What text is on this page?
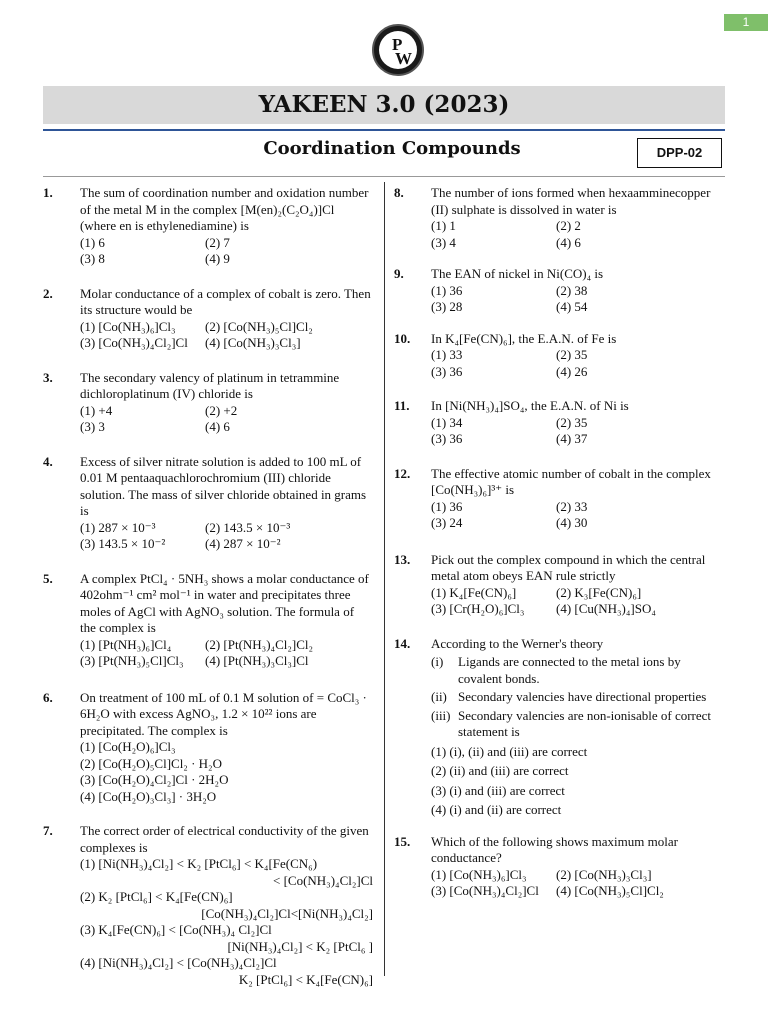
1
P
W
YAKEEN 3.0 (2023)
Coordination Compounds	DPP-02
1. The sum of coordination number and oxidation number of the metal M in the complex [M(en)₂(C₂O₄)]Cl (where en is ethylenediamine) is
(1) 6	(2) 7
(3) 8	(4) 9
2. Molar conductance of a complex of cobalt is zero. Then its structure would be
(1) [Co(NH₃)₆]Cl₃	(2) [Co(NH₃)₅Cl]Cl₂
(3) [Co(NH₃)₄Cl₂]Cl	(4) [Co(NH₃)₃Cl₃]
3. The secondary valency of platinum in tetrammine dichloroplatinum (IV) chloride is
(1) +4	(2) +2
(3) 3	(4) 6
4. Excess of silver nitrate solution is added to 100 mL of 0.01 M pentaaquachlorochromium (III) chloride solution. The mass of silver chloride obtained in grams is
(1) 287 × 10⁻³	(2) 143.5 × 10⁻³
(3) 143.5 × 10⁻²	(4) 287 × 10⁻²
5. A complex PtCl₄ · 5NH₃ shows a molar conductance of 402ohm⁻¹ cm² mol⁻¹ in water and precipitates three moles of AgCl with AgNO₃ solution. The formula of the complex is
(1) [Pt(NH₃)₆]Cl₄	(2) [Pt(NH₃)₄Cl₂]Cl₂
(3) [Pt(NH₃)₅Cl]Cl₃	(4) [Pt(NH₃)₃Cl₃]Cl
6. On treatment of 100 mL of 0.1 M solution of = CoCl₃ · 6H₂O with excess AgNO₃, 1.2 × 10²² ions are precipitated. The complex is
(1) [Co(H₂O)₆]Cl₃
(2) [Co(H₂O)₅Cl]Cl₂ · H₂O
(3) [Co(H₂O)₄Cl₂]Cl · 2H₂O
(4) [Co(H₂O)₃Cl₃] · 3H₂O
7. The correct order of electrical conductivity of the given complexes is
(1) [Ni(NH₃)₄Cl₂] < K₂ [PtCl₆] < K₄[Fe(CN₆)
< [Co(NH₃)₄Cl₂]Cl
(2) K₂ [PtCl₆] < K₄[Fe(CN)₆]
[Co(NH₃)₄Cl₂]Cl<[Ni(NH₃)₄Cl₂]
(3) K₄[Fe(CN)₆] < [Co(NH₃)₄ Cl₂]Cl
[Ni(NH₃)₄Cl₂] < K₂ [PtCl₆ ]
(4) [Ni(NH₃)₄Cl₂] < [Co(NH₃)₄Cl₂]Cl
K₂ [PtCl₆] < K₄[Fe(CN)₆]
8. The number of ions formed when hexaamminecopper (II) sulphate is dissolved in water is
(1) 1	(2) 2
(3) 4	(4) 6
9. The EAN of nickel in Ni(CO)₄ is
(1) 36	(2) 38
(3) 28	(4) 54
10. In K₄[Fe(CN)₆], the E.A.N. of Fe is
(1) 33	(2) 35
(3) 36	(4) 26
11. In [Ni(NH₃)₄]SO₄, the E.A.N. of Ni is
(1) 34	(2) 35
(3) 36	(4) 37
12. The effective atomic number of cobalt in the complex [Co(NH₃)₆]³⁺ is
(1) 36	(2) 33
(3) 24	(4) 30
13. Pick out the complex compound in which the central metal atom obeys EAN rule strictly
(1) K₄[Fe(CN)₆]	(2) K₃[Fe(CN)₆]
(3) [Cr(H₂O)₆]Cl₃	(4) [Cu(NH₃)₄]SO₄
14. According to the Werner's theory
(i) Ligands are connected to the metal ions by covalent bonds.
(ii) Secondary valencies have directional properties
(iii) Secondary valencies are non-ionisable of correct statement is
(1) (i), (ii) and (iii) are correct
(2) (ii) and (iii) are correct
(3) (i) and (iii) are correct
(4) (i) and (ii) are correct
15. Which of the following shows maximum molar conductance?
(1) [Co(NH₃)₆]Cl₃	(2) [Co(NH₃)₃Cl₃]
(3) [Co(NH₃)₄Cl₂]Cl	(4) [Co(NH₃)₅Cl]Cl₂
